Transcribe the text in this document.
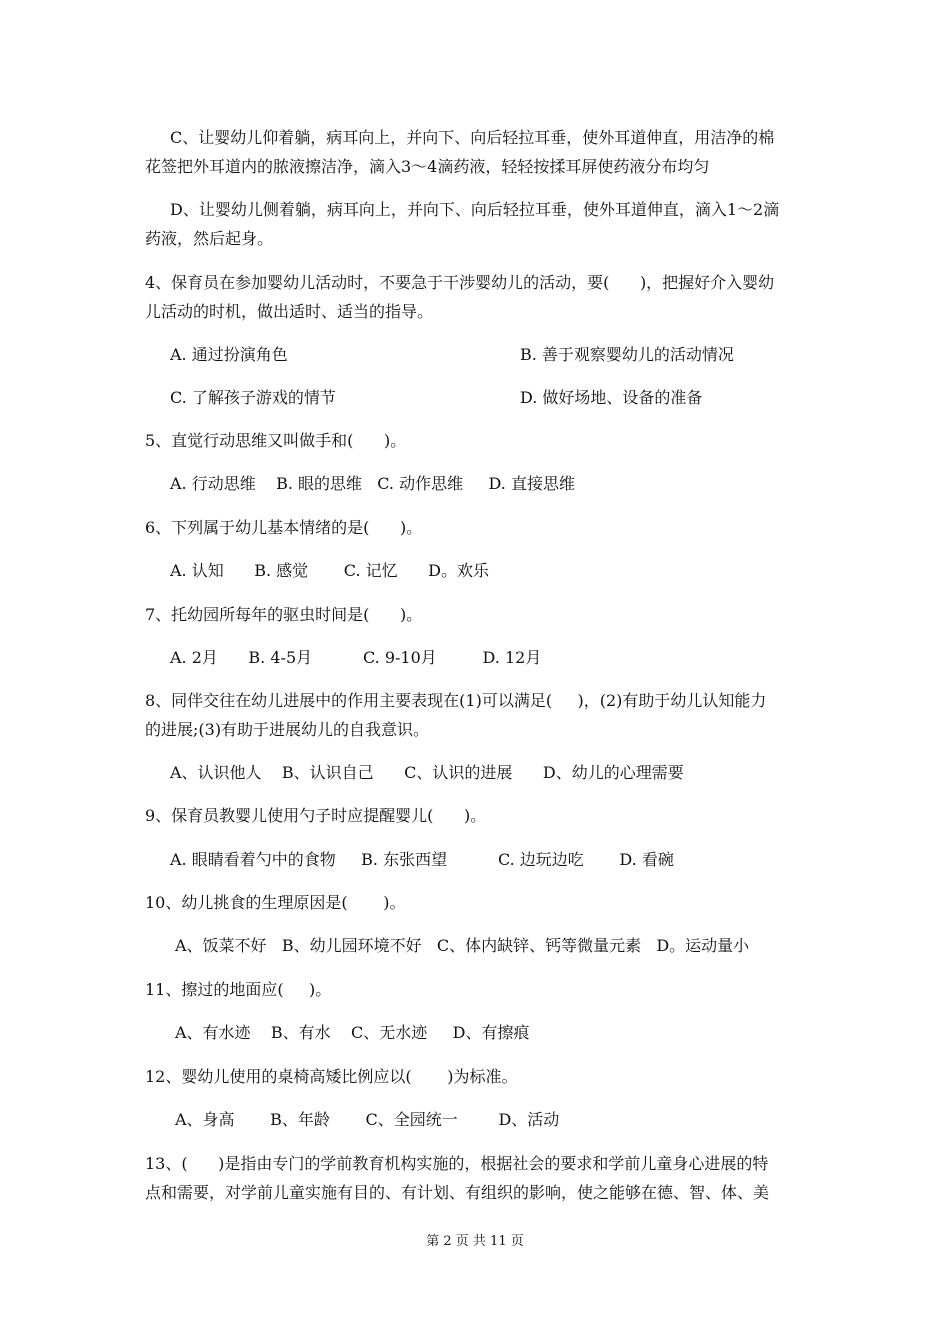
C、让婴幼儿仰着躺，病耳向上，并向下、向后轻拉耳垂，使外耳道伸直，用洁净的棉
花签把外耳道内的脓液擦洁净，滴入3～4滴药液，轻轻按揉耳屏使药液分布均匀
D、让婴幼儿侧着躺，病耳向上，并向下、向后轻拉耳垂，使外耳道伸直，滴入1～2滴
药液，然后起身。
4、保育员在参加婴幼儿活动时，不要急于干涉婴幼儿的活动，要(      )，把握好介入婴幼
儿活动的时机，做出适时、适当的指导。
A. 通过扮演角色	B. 善于观察婴幼儿的活动情况
C. 了解孩子游戏的情节	D. 做好场地、设备的准备
5、直觉行动思维又叫做手和(      )。
A. 行动思维    B. 眼的思维   C. 动作思维     D. 直接思维
6、下列属于幼儿基本情绪的是(      )。
A. 认知      B. 感觉       C. 记忆      D。欢乐
7、托幼园所每年的驱虫时间是(      )。
A. 2月      B. 4-5月          C. 9-10月         D. 12月
8、同伴交往在幼儿进展中的作用主要表现在(1)可以满足(     )，(2)有助于幼儿认知能力
的进展;(3)有助于进展幼儿的自我意识。
A、认识他人    B、认识自己      C、认识的进展      D、幼儿的心理需要
9、保育员教婴儿使用勺子时应提醒婴儿(      )。
A. 眼睛看着勺中的食物     B. 东张西望          C. 边玩边吃       D. 看碗
10、幼儿挑食的生理原因是(       )。
A、饭菜不好   B、幼儿园环境不好   C、体内缺锌、钙等微量元素   D。运动量小
11、擦过的地面应(     )。
A、有水迹    B、有水    C、无水迹     D、有擦痕
12、婴幼儿使用的桌椅高矮比例应以(       )为标准。
A、身高       B、年龄       C、全园统一        D、活动
13、(      )是指由专门的学前教育机构实施的，根据社会的要求和学前儿童身心进展的特
点和需要，对学前儿童实施有目的、有计划、有组织的影响，使之能够在德、智、体、美
第 2 页 共 11 页
